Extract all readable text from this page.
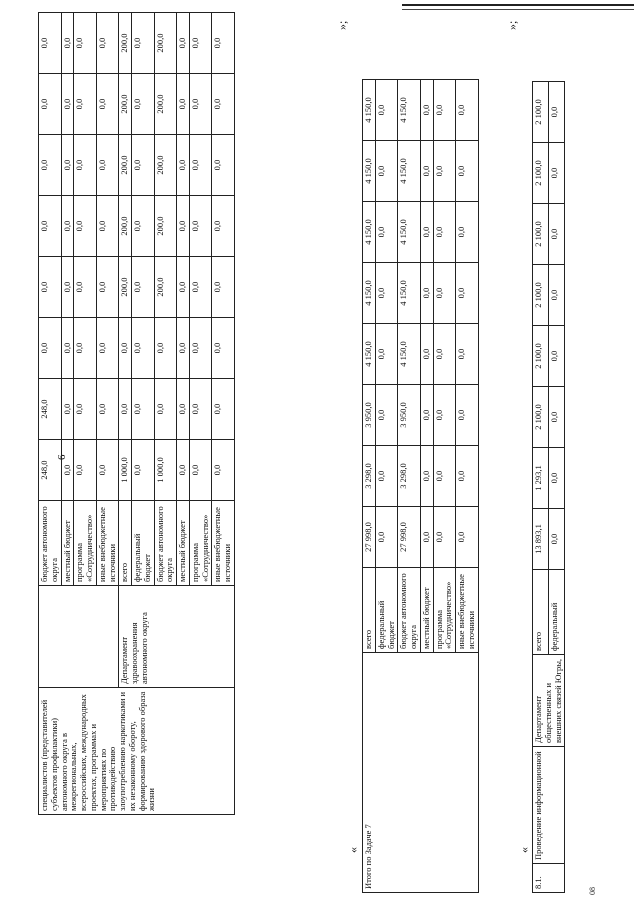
6
08
специалистов (представителей субъектов профилактики) автономного округа в межрегиональных, всероссийских, международных проектах, программах и мероприятиях по противодействию злоупотреблению наркотиками и их незаконному обороту, формированию здорового образа жизни		бюджет автономного округа	248,0	248,0	0,0	0,0	0,0	0,0	0,0	0,0
		местный бюджет	0,0	0,0	0,0	0,0	0,0	0,0	0,0	0,0
		программа «Сотрудничество»	0,0	0,0	0,0	0,0	0,0	0,0	0,0	0,0
		иные внебюджетные источники	0,0	0,0	0,0	0,0	0,0	0,0	0,0	0,0
	Департамент здравоохранения автономного округа	всего	1 000,0	0,0	0,0	200,0	200,0	200,0	200,0	200,0
		федеральный бюджет	0,0	0,0	0,0	0,0	0,0	0,0	0,0	0,0
		бюджет автономного округа	1 000,0	0,0	0,0	200,0	200,0	200,0	200,0	200,0
		местный бюджет	0,0	0,0	0,0	0,0	0,0	0,0	0,0	0,0
		программа «Сотрудничество»	0,0	0,0	0,0	0,0	0,0	0,0	0,0	0,0
		иные внебюджетные источники	0,0	0,0	0,0	0,0	0,0	0,0	0,0	0,0
«
»;
Итого по Задаче 7	всего	27 998,0	3 298,0	3 950,0	4 150,0	4 150,0	4 150,0	4 150,0	4 150,0
	федеральный бюджет	0,0	0,0	0,0	0,0	0,0	0,0	0,0	0,0
	бюджет автономного округа	27 998,0	3 298,0	3 950,0	4 150,0	4 150,0	4 150,0	4 150,0	4 150,0
	местный бюджет	0,0	0,0	0,0	0,0	0,0	0,0	0,0	0,0
	программа «Сотрудничество»	0,0	0,0	0,0	0,0	0,0	0,0	0,0	0,0
	иные внебюджетные источники	0,0	0,0	0,0	0,0	0,0	0,0	0,0	0,0
«
»;
8.1.	Проведение информационной	Департамент общественных и внешних связей Югры,	всего	13 893,1	1 293,1	2 100,0	2 100,0	2 100,0	2 100,0	2 100,0	2 100,0
			федеральный	0,0	0,0	0,0	0,0	0,0	0,0	0,0	0,0
